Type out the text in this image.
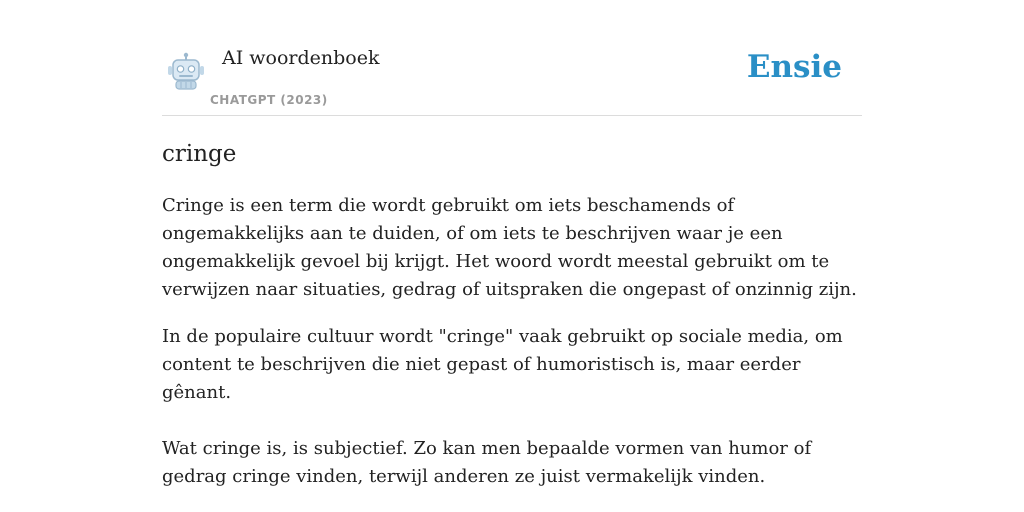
AI woordenboek
CHATGPT (2023)
Ensie
cringe

Cringe is een term die wordt gebruikt om iets beschamends of ongemakkelijks aan te duiden, of om iets te beschrijven waar je een ongemakkelijk gevoel bij krijgt. Het woord wordt meestal gebruikt om te verwijzen naar situaties, gedrag of uitspraken die ongepast of onzinnig zijn.

In de populaire cultuur wordt "cringe" vaak gebruikt op sociale media, om content te beschrijven die niet gepast of humoristisch is, maar eerder gênant.

Wat cringe is, is subjectief. Zo kan men bepaalde vormen van humor of gedrag cringe vinden, terwijl anderen ze juist vermakelijk vinden.
